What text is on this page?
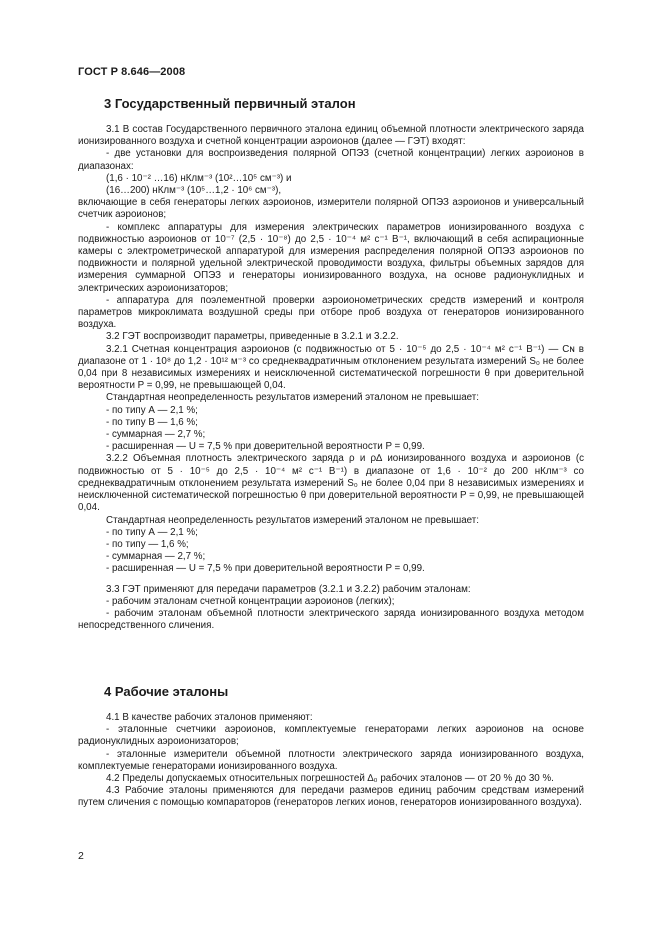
ГОСТ Р 8.646—2008
3 Государственный первичный эталон

3.1 В состав Государственного первичного эталона единиц объемной плотности электрического заряда ионизированного воздуха и счетной концентрации аэроионов (далее — ГЭТ) входят:

- две установки для воспроизведения полярной ОПЭЗ (счетной концентрации) легких аэроионов в диапазонах:

(1,6 · 10⁻² …16) нКлм⁻³ (10²…10⁵ см⁻³) и

(16…200) нКлм⁻³ (10⁵…1,2 · 10⁶ см⁻³),

включающие в себя генераторы легких аэроионов, измерители полярной ОПЭЗ аэроионов и универсальный счетчик аэроионов;

- комплекс аппаратуры для измерения электрических параметров ионизированного воздуха с подвижностью аэроионов от 10⁻⁷ (2,5 · 10⁻⁸) до 2,5 · 10⁻⁴ м² с⁻¹ В⁻¹, включающий в себя аспирационные камеры с электрометрической аппаратурой для измерения распределения полярной ОПЭЗ аэроионов по подвижности и полярной удельной электрической проводимости воздуха, фильтры объемных зарядов для измерения суммарной ОПЭЗ и генераторы ионизированного воздуха, на основе радионуклидных и электрических аэроионизаторов;

- аппаратура для поэлементной проверки аэроионометрических средств измерений и контроля параметров микроклимата воздушной среды при отборе проб воздуха от генераторов ионизированного воздуха.

3.2 ГЭТ воспроизводит параметры, приведенные в 3.2.1 и 3.2.2.

3.2.1 Счетная концентрация аэроионов (с подвижностью от 5 · 10⁻⁵ до 2,5 · 10⁻⁴ м² с⁻¹ В⁻¹) — Cɴ в диапазоне от 1 · 10⁸ до 1,2 · 10¹² м⁻³ со среднеквадратичным отклонением результата измерений S₀ не более 0,04 при 8 независимых измерениях и неисключенной систематической погрешности θ при доверительной вероятности P = 0,99, не превышающей 0,04.

Стандартная неопределенность результатов измерений эталоном не превышает:

- по типу А — 2,1 %;

- по типу В — 1,6 %;

- суммарная — 2,7 %;

- расширенная — U = 7,5 % при доверительной вероятности P = 0,99.

3.2.2 Объемная плотность электрического заряда ρ и ρ∆ ионизированного воздуха и аэроионов (с подвижностью от 5 · 10⁻⁵ до 2,5 · 10⁻⁴ м² с⁻¹ В⁻¹) в диапазоне от 1,6 · 10⁻² до 200 нКлм⁻³ со среднеквадратичным отклонением результата измерений S₀ не более 0,04 при 8 независимых измерениях и неисключенной систематической погрешностью θ при доверительной вероятности P = 0,99, не превышающей 0,04.

Стандартная неопределенность результатов измерений эталоном не превышает:

- по типу А — 2,1 %;

- по типу — 1,6 %;

- суммарная — 2,7 %;

- расширенная — U = 7,5 % при доверительной вероятности P = 0,99.

3.3 ГЭТ применяют для передачи параметров (3.2.1 и 3.2.2) рабочим эталонам:

- рабочим эталонам счетной концентрации аэроионов (легких);

- рабочим эталонам объемной плотности электрического заряда ионизированного воздуха методом непосредственного сличения.

4 Рабочие эталоны

4.1 В качестве рабочих эталонов применяют:

- эталонные счетчики аэроионов, комплектуемые генераторами легких аэроионов на основе радионуклидных аэроионизаторов;

- эталонные измерители объемной плотности электрического заряда ионизированного воздуха, комплектуемые генераторами ионизированного воздуха.

4.2 Пределы допускаемых относительных погрешностей ∆₀ рабочих эталонов — от 20 % до 30 %.

4.3 Рабочие эталоны применяются для передачи размеров единиц рабочим средствам измерений путем сличения с помощью компараторов (генераторов легких ионов, генераторов ионизированного воздуха).

2
